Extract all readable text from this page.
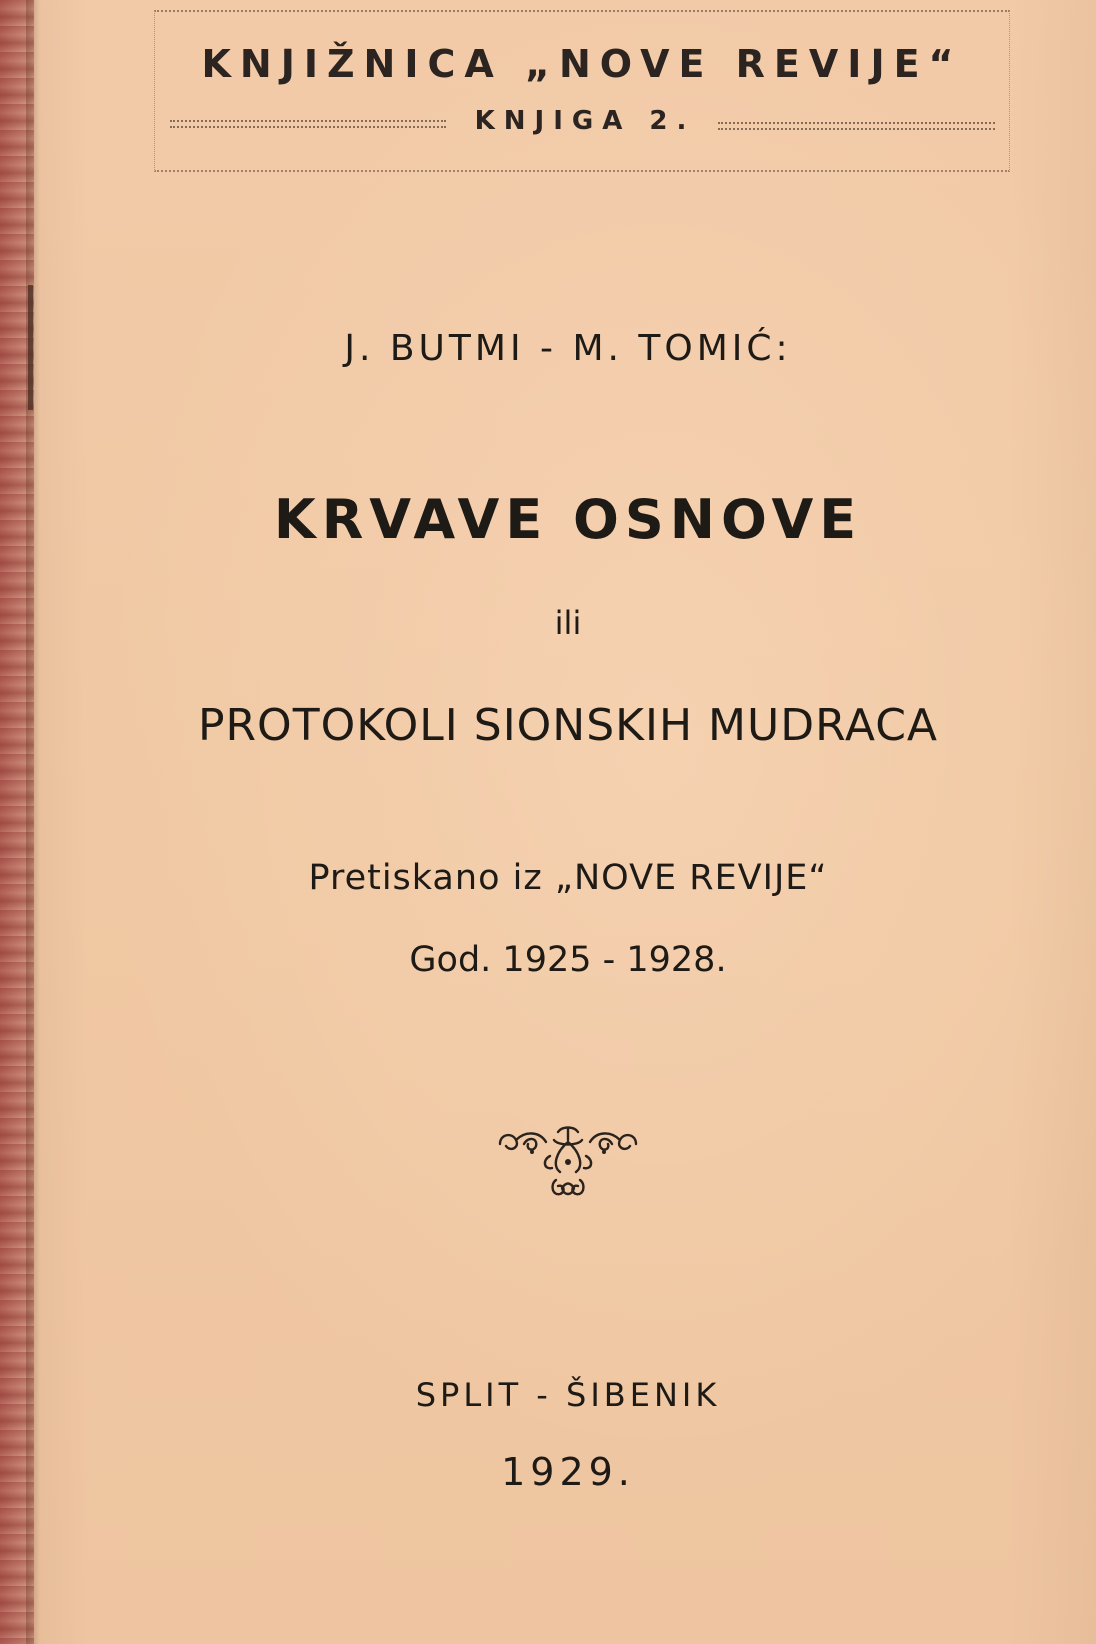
KNJIŽNICA „NOVE REVIJE“
KNJIGA 2.
J. BUTMI - M. TOMIĆ:
KRVAVE OSNOVE
ili
PROTOKOLI SIONSKIH MUDRACA
Pretiskano iz „NOVE REVIJE“
God. 1925 - 1928.
SPLIT - ŠIBENIK
1929.
